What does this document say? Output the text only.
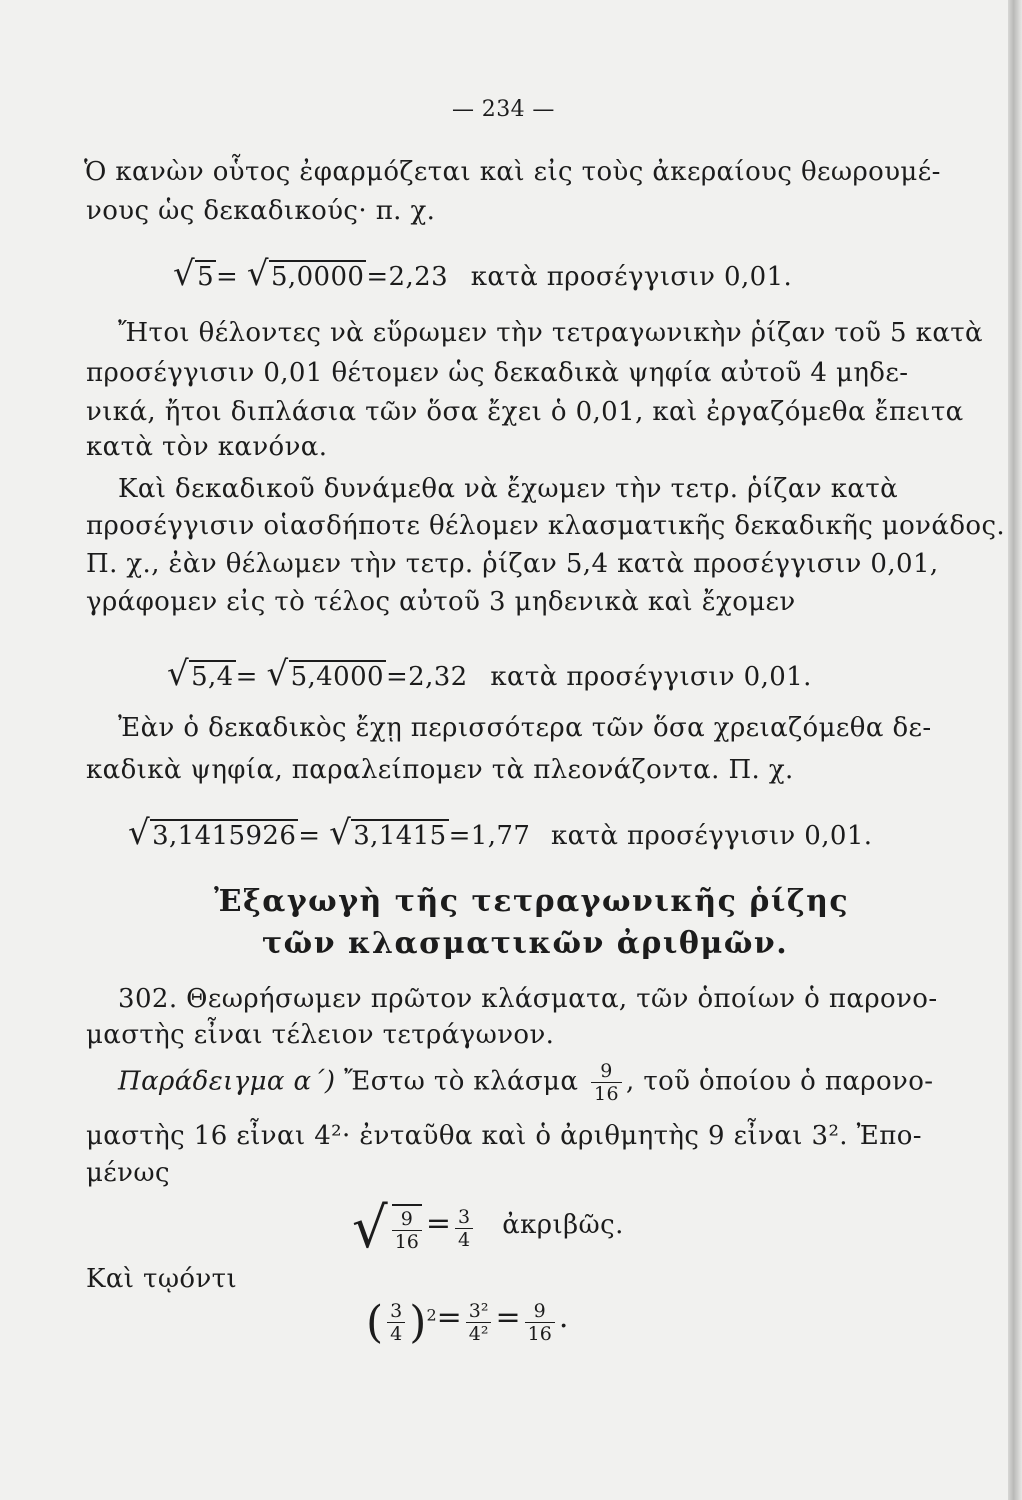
— 234 —
Ὁ κανὼν οὗτος ἐφαρμόζεται καὶ εἰς τοὺς ἀκεραίους θεωρουμέ-
νους ὡς δεκαδικούς· π. χ.
√5= √5,0000=2,23 κατὰ προσέγγισιν 0,01.
Ἤτοι θέλοντες νὰ εὕρωμεν τὴν τετραγωνικὴν ῥίζαν τοῦ 5 κατὰ
προσέγγισιν 0,01 θέτομεν ὡς δεκαδικὰ ψηφία αὐτοῦ 4 μηδε-
νικά, ἤτοι διπλάσια τῶν ὅσα ἔχει ὁ 0,01, καὶ ἐργαζόμεθα ἔπειτα
κατὰ τὸν κανόνα.
Καὶ δεκαδικοῦ δυνάμεθα νὰ ἔχωμεν τὴν τετρ. ῥίζαν κατὰ
προσέγγισιν οἱασδήποτε θέλομεν κλασματικῆς δεκαδικῆς μονάδος.
Π. χ., ἐὰν θέλωμεν τὴν τετρ. ῥίζαν 5,4 κατὰ προσέγγισιν 0,01,
γράφομεν εἰς τὸ τέλος αὐτοῦ 3 μηδενικὰ καὶ ἔχομεν
√5,4= √5,4000=2,32 κατὰ προσέγγισιν 0,01.
Ἐὰν ὁ δεκαδικὸς ἔχῃ περισσότερα τῶν ὅσα χρειαζόμεθα δε-
καδικὰ ψηφία, παραλείπομεν τὰ πλεονάζοντα. Π. χ.
√3,1415926= √3,1415=1,77 κατὰ προσέγγισιν 0,01.
Ἐξαγωγὴ τῆς τετραγωνικῆς ῥίζης
τῶν κλασματικῶν ἀριθμῶν.
302. Θεωρήσωμεν πρῶτον κλάσματα, τῶν ὁποίων ὁ παρονο-
μαστὴς εἶναι τέλειον τετράγωνον.
Παράδειγμα α΄) Ἔστω τὸ κλάσμα $\frac{9}{16}$ , τοῦ ὁποίου ὁ παρονο-
μαστὴς 16 εἶναι 4²· ἐνταῦθα καὶ ὁ ἀριθμητὴς 9 εἶναι 3². Ἐπο-
μένως
√ $\frac{9}{16} = \frac{3}{4}$ ἀκριβῶς.
Καὶ τῳόντι
( $\frac{3}{4} )^2= \frac{\text{3²}}{\text{4²}} = \frac{9}{16}$ .
